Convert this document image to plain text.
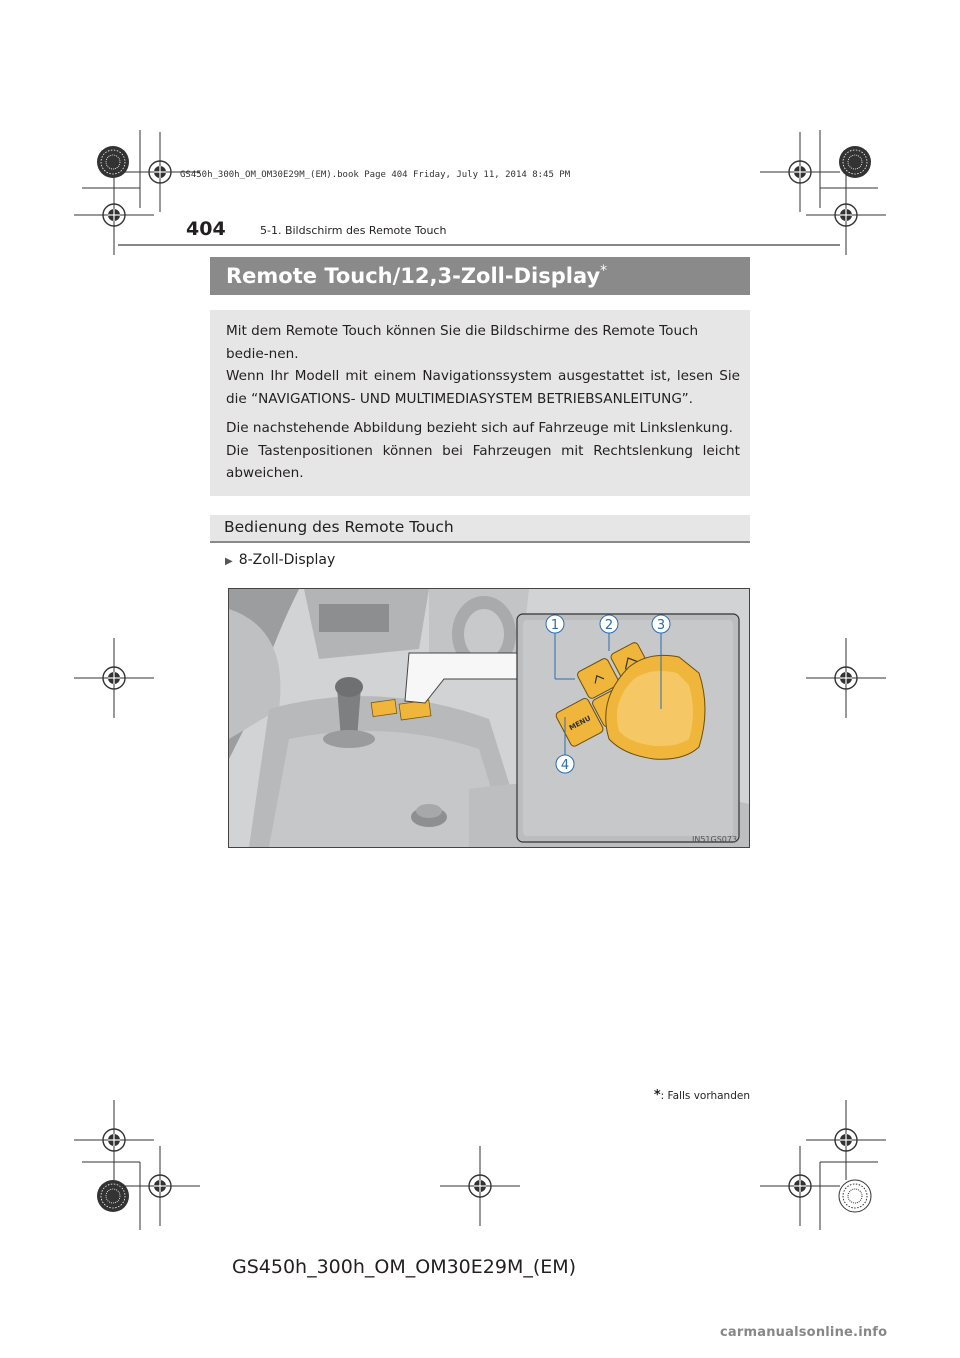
GS450h_300h_OM_OM30E29M_(EM).book Page 404 Friday, July 11, 2014 8:45 PM
404	5-1. Bildschirm des Remote Touch
Remote Touch/12,3-Zoll-Display*

Mit dem Remote Touch können Sie die Bildschirme des Remote Touch bedie-nen.

Wenn Ihr Modell mit einem Navigationssystem ausgestattet ist, lesen Sie die “NAVIGATIONS- UND MULTIMEDIASYSTEM BETRIEBSANLEITUNG”.

Die nachstehende Abbildung bezieht sich auf Fahrzeuge mit Linkslenkung.

Die Tastenpositionen können bei Fahrzeugen mit Rechtslenkung leicht abweichen.

Bedienung des Remote Touch
▶ 8-Zoll-Display
MENU
1	2	3
4
IN51GS073
*: Falls vorhanden
GS450h_300h_OM_OM30E29M_(EM)
carmanualsonline.info
